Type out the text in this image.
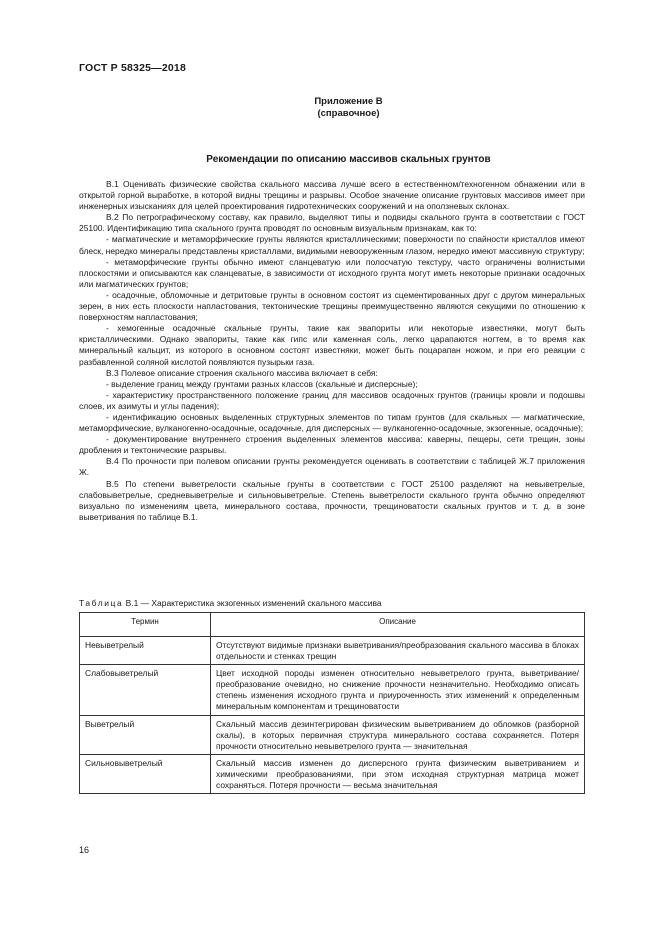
ГОСТ Р 58325—2018
Приложение В
(справочное)
Рекомендации по описанию массивов скальных грунтов

В.1 Оценивать физические свойства скального массива лучше всего в естественном/техногенном обнажении или в открытой горной выработке, в которой видны трещины и разрывы. Особое значение описание грунтовых массивов имеет при инженерных изысканиях для целей проектирования гидротехнических сооружений и на оползневых склонах.

В.2 По петрографическому составу, как правило, выделяют типы и подвиды скального грунта в соответствии с ГОСТ 25100. Идентификацию типа скального грунта проводят по основным визуальным признакам, как то:

- магматические и метаморфические грунты являются кристаллическими; поверхности по спайности кристаллов имеют блеск, нередко минералы представлены кристаллами, видимыми невооруженным глазом, нередко имеют массивную структуру;

- метаморфические грунты обычно имеют сланцеватую или полосчатую текстуру, часто ограничены волнистыми плоскостями и описываются как сланцеватые, в зависимости от исходного грунта могут иметь некоторые признаки осадочных или магматических грунтов;

- осадочные, обломочные и детритовые грунты в основном состоят из сцементированных друг с другом минеральных зерен, в них есть плоскости напластования, тектонические трещины преимущественно являются секущими по отношению к поверхностям напластования;

- хемогенные осадочные скальные грунты, такие как эвапориты или некоторые известняки, могут быть кристаллическими. Однако эвапориты, такие как гипс или каменная соль, легко царапаются ногтем, в то время как минеральный кальцит, из которого в основном состоят известняки, может быть поцарапан ножом, и при его реакции с разбавленной соляной кислотой появляются пузырьки газа.

В.3 Полевое описание строения скального массива включает в себя:

- выделение границ между грунтами разных классов (скальные и дисперсные);

- характеристику пространственного положение границ для массивов осадочных грунтов (границы кровли и подошвы слоев, их азимуты и углы падения);

- идентификацию основных выделенных структурных элементов по типам грунтов (для скальных — магматические, метаморфические, вулканогенно-осадочные, осадочные, для дисперсных — вулканогенно-осадочные, экзогенные, осадочные);

- документирование внутреннего строения выделенных элементов массива: каверны, пещеры, сети трещин, зоны дробления и тектонические разрывы.

В.4 По прочности при полевом описании грунты рекомендуется оценивать в соответствии с таблицей Ж.7 приложения Ж.

В.5 По степени выветрелости скальные грунты в соответствии с ГОСТ 25100 разделяют на невыветрелые, слабовыветрелые, средневыветрелые и сильновыветрелые. Степень выветрелости скального грунта обычно определяют визуально по изменениям цвета, минерального состава, прочности, трещиноватости скальных грунтов и т. д. в зоне выветривания по таблице В.1.

Таблица В.1 — Характеристика экзогенных изменений скального массива
Термин	Описание
Невыветрелый	Отсутствуют видимые признаки выветривания/преобразования скального массива в блоках отдельности и стенках трещин
Слабовыветрелый	Цвет исходной породы изменен относительно невыветрелого грунта, выветривание/преобразование очевидно, но снижение прочности незначительно. Необходимо описать степень изменения исходного грунта и приуроченность этих изменений к определенным минеральным компонентам и трещиноватости
Выветрелый	Скальный массив дезинтегрирован физическим выветриванием до обломков (разборной скалы), в которых первичная структура минерального состава сохраняется. Потеря прочности относительно невыветрелого грунта — значительная
Сильновыветрелый	Скальный массив изменен до дисперсного грунта физическим выветриванием и химическими преобразованиями, при этом исходная структурная матрица может сохраняться. Потеря прочности — весьма значительная
16
